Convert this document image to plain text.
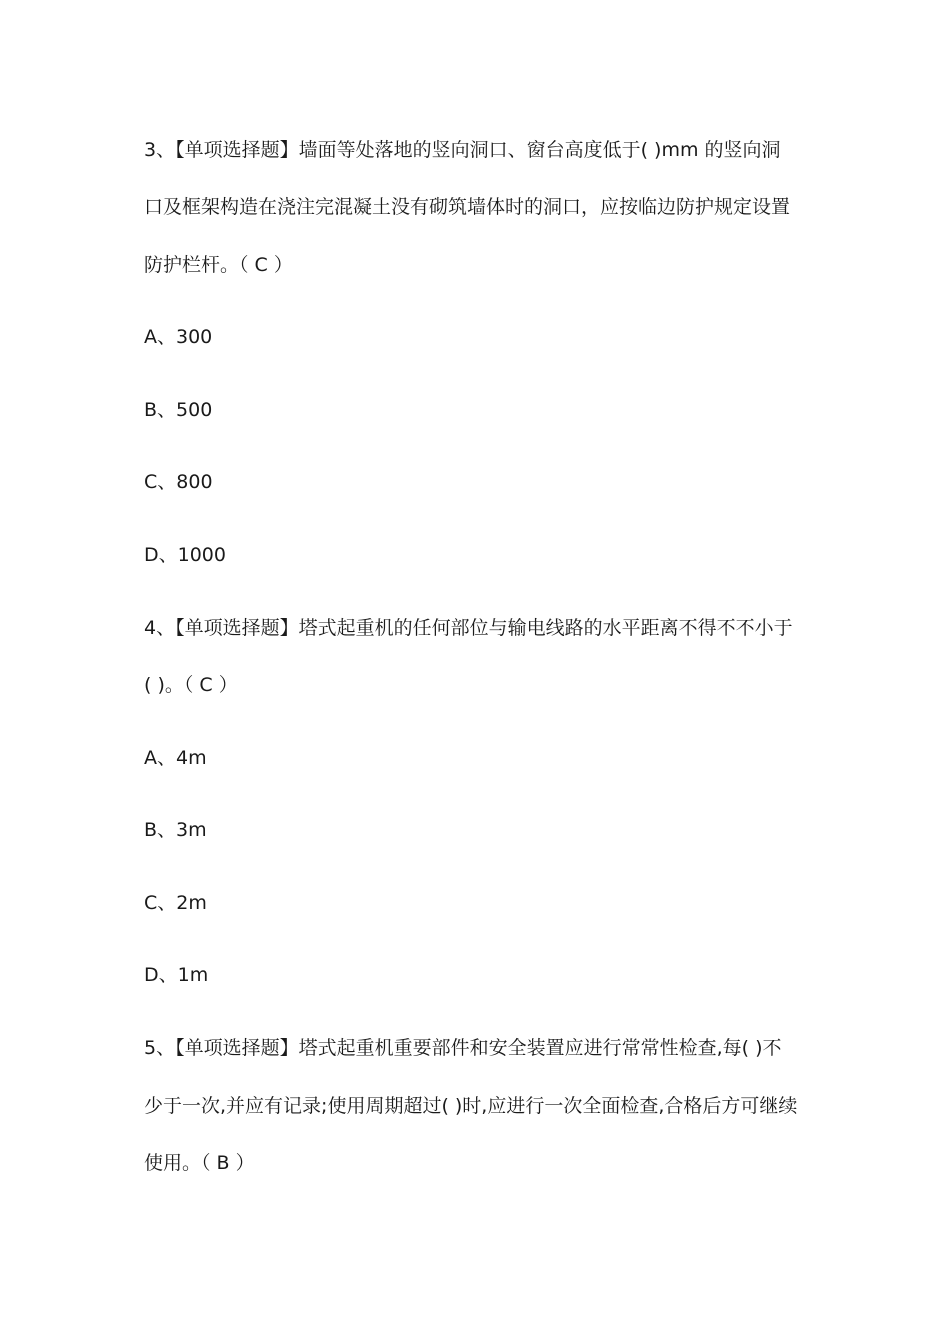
3、【单项选择题】墙面等处落地的竖向洞口、窗台高度低于( )mm 的竖向洞
口及框架构造在浇注完混凝土没有砌筑墙体时的洞口，应按临边防护规定设置
防护栏杆。（ C ）
A、300
B、500
C、800
D、1000
4、【单项选择题】塔式起重机的任何部位与输电线路的水平距离不得不不小于
( )。（ C ）
A、4m
B、3m
C、2m
D、1m
5、【单项选择题】塔式起重机重要部件和安全装置应进行常常性检查,每( )不
少于一次,并应有记录;使用周期超过( )时,应进行一次全面检查,合格后方可继续
使用。（ B ）
